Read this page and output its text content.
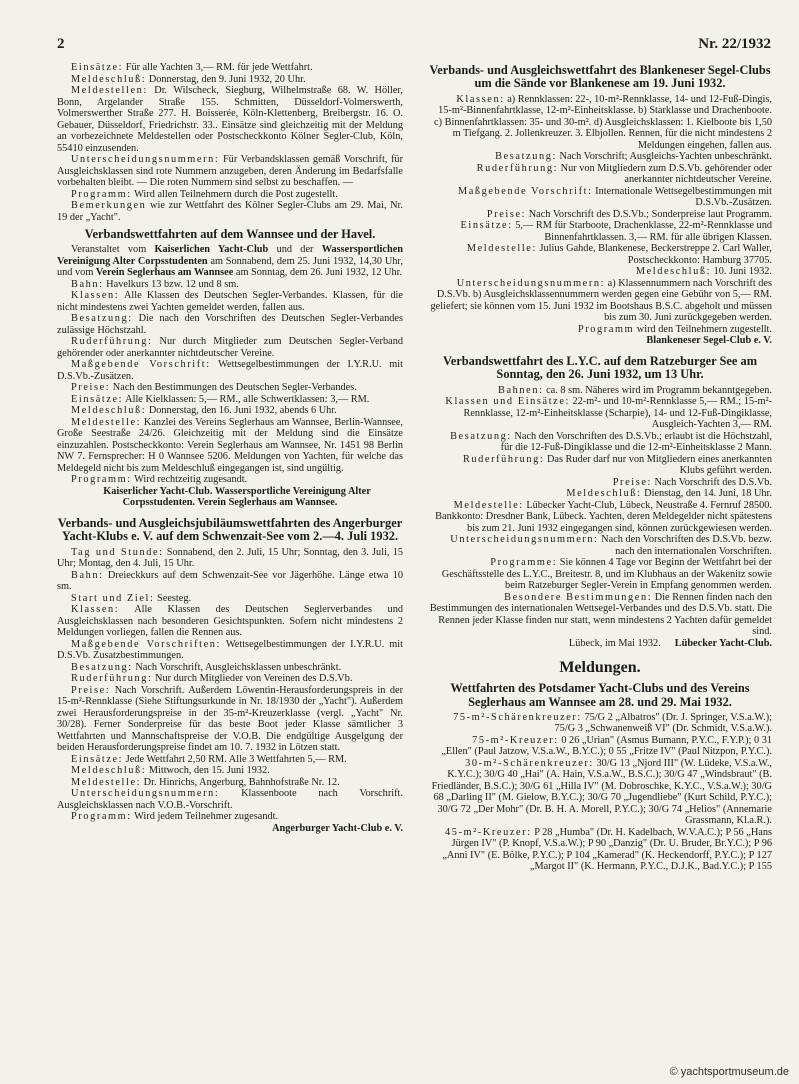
2	Nr. 22/1932

Einsätze: Für alle Yachten 3,— RM. für jede Wettfahrt.

Meldeschluß: Donnerstag, den 9. Juni 1932, 20 Uhr.

Meldestellen: Dr. Wilscheck, Siegburg, Wilhelmstraße 68. W. Höller, Bonn, Argelander Straße 155. Schmitten, Düsseldorf-Volmerswerth, Volmerswerther Straße 277. H. Boisserée, Köln-Klettenberg, Breibergstr. 16. O. Gebauer, Düsseldorf, Friedrichstr. 33.. Einsätze sind gleichzeitig mit der Meldung an vorbezeichnete Meldestellen oder Postscheckkonto Kölner Segler-Club, Köln, 55410 einzusenden.

Unterscheidungsnummern: Für Verbandsklassen gemäß Vorschrift, für Ausgleichsklassen sind rote Nummern anzugeben, deren Änderung im Bedarfsfalle vorbehalten bleibt. — Die roten Nummern sind selbst zu beschaffen. —

Programm: Wird allen Teilnehmern durch die Post zugestellt.

Bemerkungen wie zur Wettfahrt des Kölner Segler-Clubs am 29. Mai, Nr. 19 der „Yacht".

Verbandswettfahrten auf dem Wannsee und der Havel.

Veranstaltet vom Kaiserlichen Yacht-Club und der Wassersportlichen Vereinigung Alter Corpsstudenten am Sonnabend, dem 25. Juni 1932, 14,30 Uhr, und vom Verein Seglerhaus am Wannsee am Sonntag, dem 26. Juni 1932, 12 Uhr.

Bahn: Havelkurs 13 bzw. 12 und 8 sm.

Klassen: Alle Klassen des Deutschen Segler-Verbandes. Klassen, für die nicht mindestens zwei Yachten gemeldet werden, fallen aus.

Besatzung: Die nach den Vorschriften des Deutschen Segler-Verbandes zulässige Höchstzahl.

Ruderführung: Nur durch Mitglieder zum Deutschen Segler-Verband gehörender oder anerkannter nichtdeutscher Vereine.

Maßgebende Vorschrift: Wettsegelbestimmungen der I.Y.R.U. mit D.S.Vb.-Zusätzen.

Preise: Nach den Bestimmungen des Deutschen Segler-Verbandes.

Einsätze: Alle Kielklassen: 5,— RM., alle Schwertklassen: 3,— RM.

Meldeschluß: Donnerstag, den 16. Juni 1932, abends 6 Uhr.

Meldestelle: Kanzlei des Vereins Seglerhaus am Wannsee, Berlin-Wannsee, Große Seestraße 24/26. Gleichzeitig mit der Meldung sind die Einsätze einzuzahlen. Postscheckkonto: Verein Seglerhaus am Wannsee, Nr. 1451 98 Berlin NW 7. Fernsprecher: H 0 Wannsee 5206. Meldungen von Yachten, für welche das Meldegeld nicht bis zum Meldeschluß eingegangen ist, sind ungültig.

Programm: Wird rechtzeitig zugesandt.

Kaiserlicher Yacht-Club. Wassersportliche Vereinigung Alter Corpsstudenten. Verein Seglerhaus am Wannsee.

Verbands- und Ausgleichsjubiläumswettfahrten des Angerburger Yacht-Klubs e. V. auf dem Schwenzait-See vom 2.—4. Juli 1932.

Tag und Stunde: Sonnabend, den 2. Juli, 15 Uhr; Sonntag, den 3. Juli, 15 Uhr; Montag, den 4. Juli, 15 Uhr.

Bahn: Dreieckkurs auf dem Schwenzait-See vor Jägerhöhe. Länge etwa 10 sm.

Start und Ziel: Seesteg.

Klassen: Alle Klassen des Deutschen Seglerverbandes und Ausgleichsklassen nach besonderen Gesichtspunkten. Sofern nicht mindestens 2 Meldungen vorliegen, fallen die Rennen aus.

Maßgebende Vorschriften: Wettsegelbestimmungen der I.Y.R.U. mit D.S.Vb. Zusatzbestimmungen.

Besatzung: Nach Vorschrift, Ausgleichsklassen unbeschränkt.

Ruderführung: Nur durch Mitglieder von Vereinen des D.S.Vb.

Preise: Nach Vorschrift. Außerdem Löwentin-Herausforderungspreis in der 15-m²-Rennklasse (Siehe Stiftungsurkunde in Nr. 18/1930 der „Yacht"). Außerdem zwei Herausforderungspreise in der 35-m²-Kreuzerklasse (vergl. „Yacht" Nr. 30/28). Ferner Sonderpreise für das beste Boot jeder Klasse sämtlicher 3 Wettfahrten und Mannschaftspreise der V.O.B. Die endgültige Ausgelgung der beiden Herausforderungspreise findet am 10. 7. 1932 in Lötzen statt.

Einsätze: Jede Wettfahrt 2,50 RM. Alle 3 Wettfahrten 5,— RM.

Meldeschluß: Mittwoch, den 15. Juni 1932.

Meldestelle: Dr. Hinrichs, Angerburg, Bahnhofstraße Nr. 12.

Unterscheidungsnummern: Klassenboote nach Vorschrift. Ausgleichsklassen nach V.O.B.-Vorschrift.

Programm: Wird jedem Teilnehmer zugesandt.

Angerburger Yacht-Club e. V.

Verbands- und Ausgleichswettfahrt des Blankeneser Segel-Clubs um die Sände vor Blankenese am 19. Juni 1932.

Klassen: a) Rennklassen: 22-, 10-m²-Rennklasse, 14- und 12-Fuß-Dingis, 15-m²-Binnenfahrtklasse, 12-m²-Einheitsklasse. b) Starklasse und Drachenboote. c) Binnenfahrtklassen: 35- und 30-m². d) Ausgleichsklassen: 1. Kielboote bis 1,50 m Tiefgang. 2. Jollenkreuzer. 3. Elbjollen. Rennen, für die nicht mindestens 2 Meldungen eingehen, fallen aus.

Besatzung: Nach Vorschrift; Ausgleichs-Yachten unbeschränkt.

Ruderführung: Nur von Mitgliedern zum D.S.Vb. gehörender oder anerkannter nichtdeutscher Vereine.

Maßgebende Vorschrift: Internationale Wettsegelbestimmungen mit D.S.Vb.-Zusätzen.

Preise: Nach Vorschrift des D.S.Vb.; Sonderpreise laut Programm.

Einsätze: 5,— RM für Starboote, Drachenklasse, 22-m²-Rennklasse und Binnenfahrtklassen. 3,— RM. für alle übrigen Klassen.

Meldestelle: Julius Gahde, Blankenese, Beckerstreppe 2. Carl Waller, Postscheckkonto: Hamburg 37705.

Meldeschluß: 10. Juni 1932.

Unterscheidungsnummern: a) Klassennummern nach Vorschrift des D.S.Vb. b) Ausgleichsklassennummern werden gegen eine Gebühr von 5,— RM. geliefert; sie können vom 15. Juni 1932 im Bootshaus B.S.C. abgeholt und müssen bis zum 30. Juni zurückgegeben werden.

Programm wird den Teilnehmern zugestellt.

Blankeneser Segel-Club e. V.

Verbandswettfahrt des L.Y.C. auf dem Ratzeburger See am Sonntag, den 26. Juni 1932, um 13 Uhr.

Bahnen: ca. 8 sm. Näheres wird im Programm bekanntgegeben.

Klassen und Einsätze: 22-m²- und 10-m²-Rennklasse 5,— RM.; 15-m²-Rennklasse, 12-m²-Einheitsklasse (Scharpie), 14- und 12-Fuß-Dingiklasse, Ausgleich-Yachten 3,— RM.

Besatzung: Nach den Vorschriften des D.S.Vb.; erlaubt ist die Höchstzahl, für die 12-Fuß-Dingiklasse und die 12-m²-Einheitsklasse 2 Mann.

Ruderführung: Das Ruder darf nur von Mitgliedern eines anerkannten Klubs geführt werden.

Preise: Nach Vorschrift des D.S.Vb.

Meldeschluß: Dienstag, den 14. Juni, 18 Uhr.

Meldestelle: Lübecker Yacht-Club, Lübeck, Neustraße 4. Fernruf 28500. Bankkonto: Dresdner Bank, Lübeck. Yachten, deren Meldegelder nicht spätestens bis zum 21. Juni 1932 eingegangen sind, können zurückgewiesen werden.

Unterscheidungsnummern: Nach den Vorschriften des D.S.Vb. bezw. nach den internationalen Vorschriften.

Programme: Sie können 4 Tage vor Beginn der Wettfahrt bei der Geschäftsstelle des L.Y.C., Breitestr. 8, und im Klubhaus an der Wakenitz sowie beim Ratzeburger Segler-Verein in Empfang genommen werden.

Besondere Bestimmungen: Die Rennen finden nach den Bestimmungen des internationalen Wettsegel-Verbandes und des D.S.Vb. statt. Die Rennen jeder Klasse finden nur statt, wenn mindestens 2 Yachten dafür gemeldet sind.

Lübeck, im Mai 1932.	Lübecker Yacht-Club.

Meldungen.
Wettfahrten des Potsdamer Yacht-Clubs und des Vereins Seglerhaus am Wannsee am 28. und 29. Mai 1932.

75-m²-Schärenkreuzer: 75/G 2 „Albatros" (Dr. J. Springer, V.S.a.W.); 75/G 3 „Schwanenweiß VI" (Dr. Schmidt, V.S.a.W.).

75-m²-Kreuzer: 0 26 „Urian" (Asmus Bumann, P.Y.C., F.Y.P.); 0 31 „Ellen" (Paul Jatzow, V.S.a.W., B.Y.C.); 0 55 „Fritze IV" (Paul Nitzpon, P.Y.C.).

30-m²-Schärenkreuzer: 30/G 13 „Njord III" (W. Lüdeke, V.S.a.W., K.Y.C.); 30/G 40 „Hai" (A. Hain, V.S.a.W., B.S.C.); 30/G 47 „Windsbraut" (B. Friedländer, B.S.C.); 30/G 61 „Hilla IV" (M. Dobroschke, K.Y.C., V.S.a.W.); 30/G 68 „Darling II" (M. Gielow, B.Y.C.); 30/G 70 „Jugendliebe" (Kurt Schild, P.Y.C.); 30/G 72 „Der Mohr" (Dr. B. H. A. Morell, P.Y.C.); 30/G 74 „Helios" (Annemarie Grassmann, Kl.a.R.).

45-m²-Kreuzer: P 28 „Humba" (Dr. H. Kadelbach, W.V.A.C.); P 56 „Hans Jürgen IV" (P. Knopf, V.S.a.W.); P 90 „Danzig" (Dr. U. Bruder, Br.Y.C.); P 96 „Anni IV" (E. Bölke, P.Y.C.); P 104 „Kamerad" (K. Heckendorff, P.Y.C.); P 127 „Margot II" (K. Hermann, P.Y.C., D.J.K., Bad.Y.C.); P 155

© yachtsportmuseum.de
